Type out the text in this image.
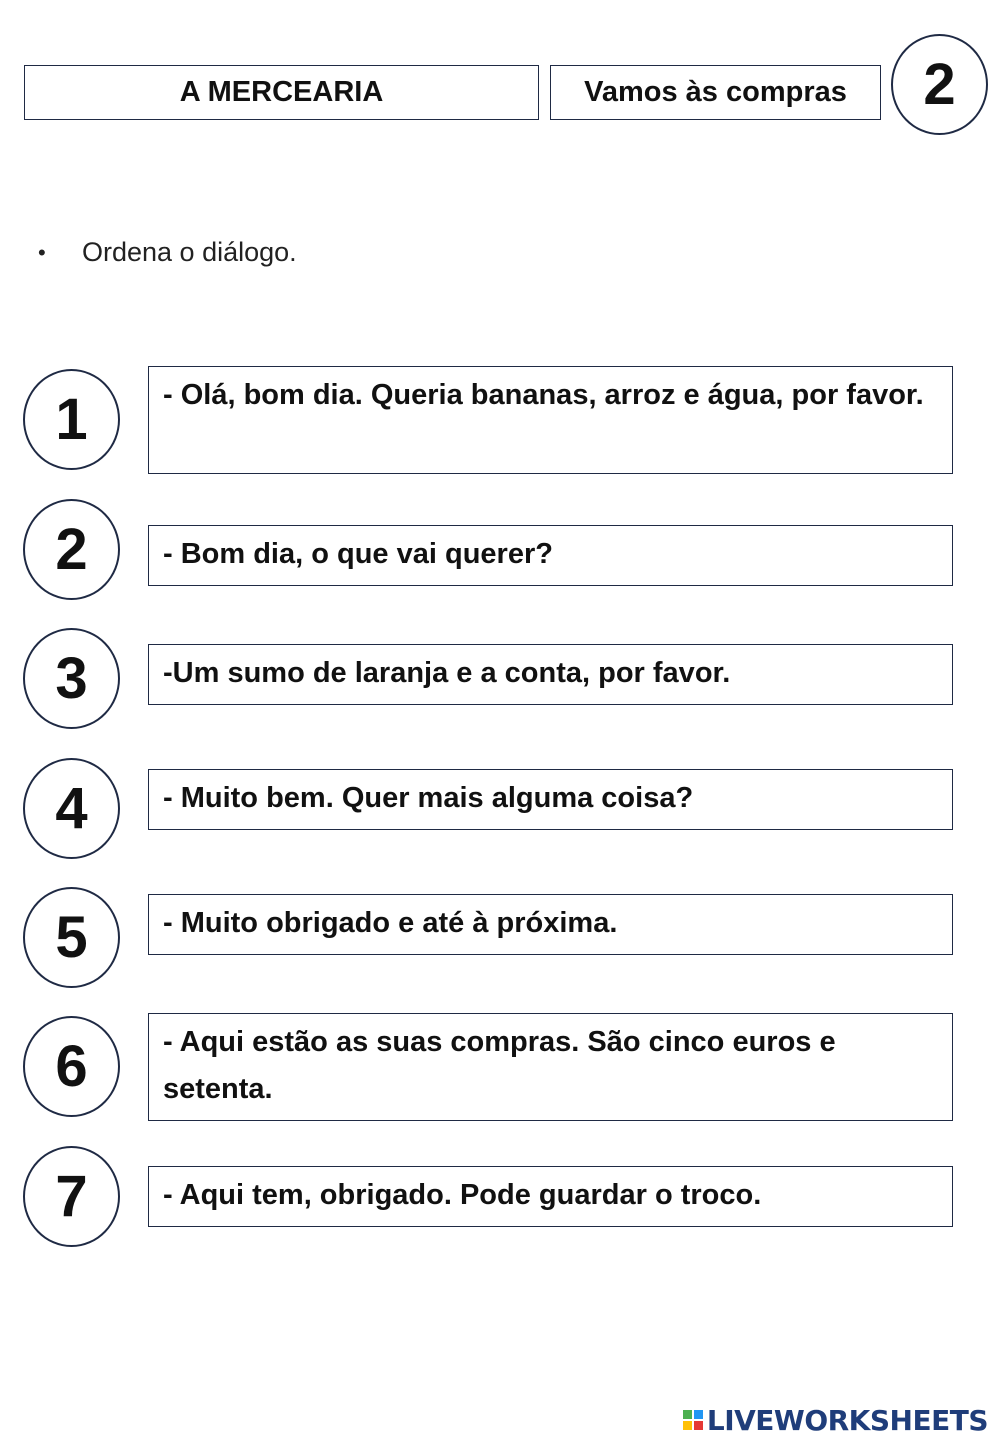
A MERCEARIA	Vamos às compras 2
•	Ordena o diálogo.
1	- Olá, bom dia. Queria bananas, arroz e água, por favor.
2	- Bom dia, o que vai querer?
3	-Um sumo de laranja e a conta, por favor.
4	- Muito bem. Quer mais alguma coisa?
5	- Muito obrigado e até à próxima.
6	- Aqui estão as suas compras. São cinco euros e setenta.
7	- Aqui tem, obrigado. Pode guardar o troco.
LIVEWORKSHEETS
